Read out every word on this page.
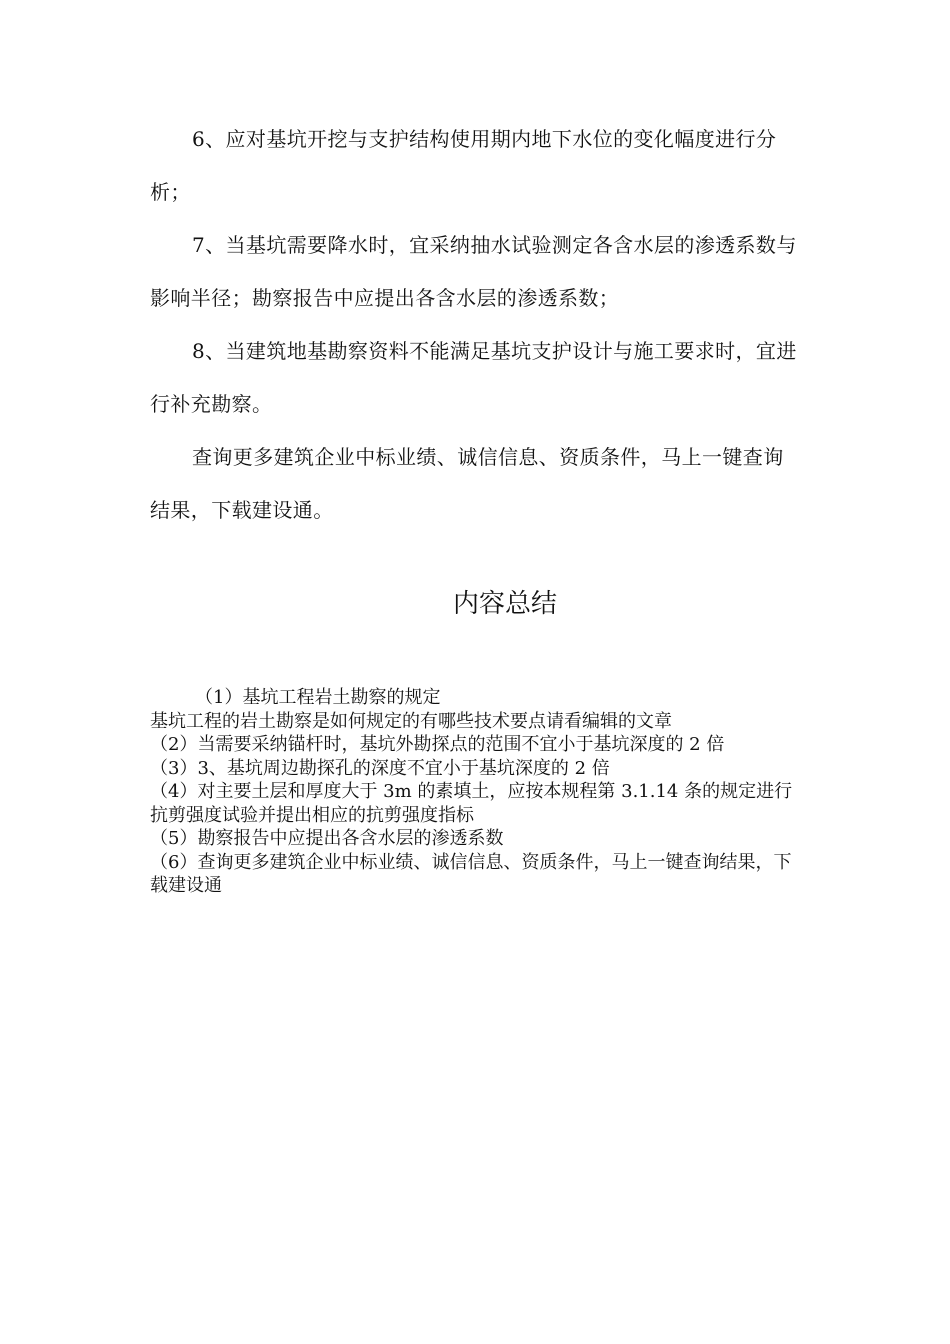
6、应对基坑开挖与支护结构使用期内地下水位的变化幅度进行分析；

7、当基坑需要降水时，宜采纳抽水试验测定各含水层的渗透系数与影响半径；勘察报告中应提出各含水层的渗透系数；

8、当建筑地基勘察资料不能满足基坑支护设计与施工要求时，宜进行补充勘察。

查询更多建筑企业中标业绩、诚信信息、资质条件，马上一键查询结果，下载建设通。

内容总结

（1）基坑工程岩土勘察的规定

基坑工程的岩土勘察是如何规定的有哪些技术要点请看编辑的文章

（2）当需要采纳锚杆时，基坑外勘探点的范围不宜小于基坑深度的 2 倍

（3）3、基坑周边勘探孔的深度不宜小于基坑深度的 2 倍

（4）对主要土层和厚度大于 3m 的素填土，应按本规程第 3.1.14 条的规定进行抗剪强度试验并提出相应的抗剪强度指标

（5）勘察报告中应提出各含水层的渗透系数

（6）查询更多建筑企业中标业绩、诚信信息、资质条件，马上一键查询结果，下载建设通
